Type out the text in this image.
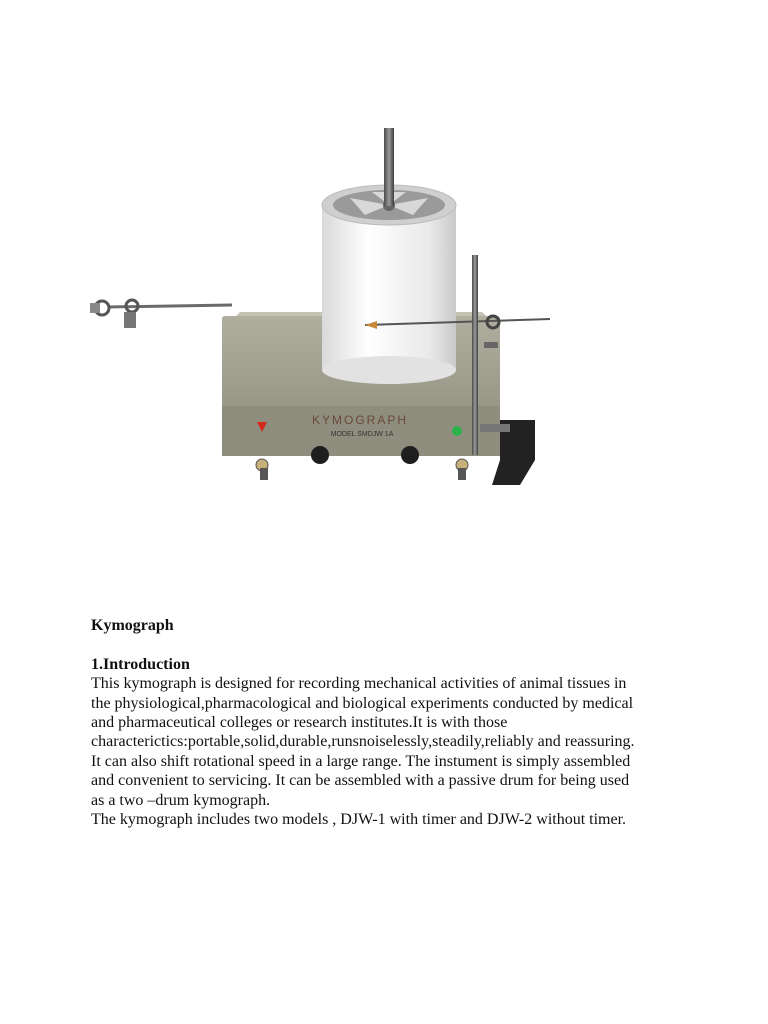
KYMOGRAPH
MODEL SMDJW 1A

Kymograph

1.Introduction

This kymograph is designed for recording mechanical activities of animal tissues in

the physiological,pharmacological and biological experiments conducted by medical

and pharmaceutical colleges or research institutes.It is with those

characterictics:portable,solid,durable,runsnoiselessly,steadily,reliably and reassuring.

It can also shift rotational speed in a large range. The instument is simply assembled

and convenient to servicing. It can be assembled with a passive drum for being used

as a two –drum kymograph.

The kymograph includes two models , DJW-1 with timer and DJW-2 without timer.
